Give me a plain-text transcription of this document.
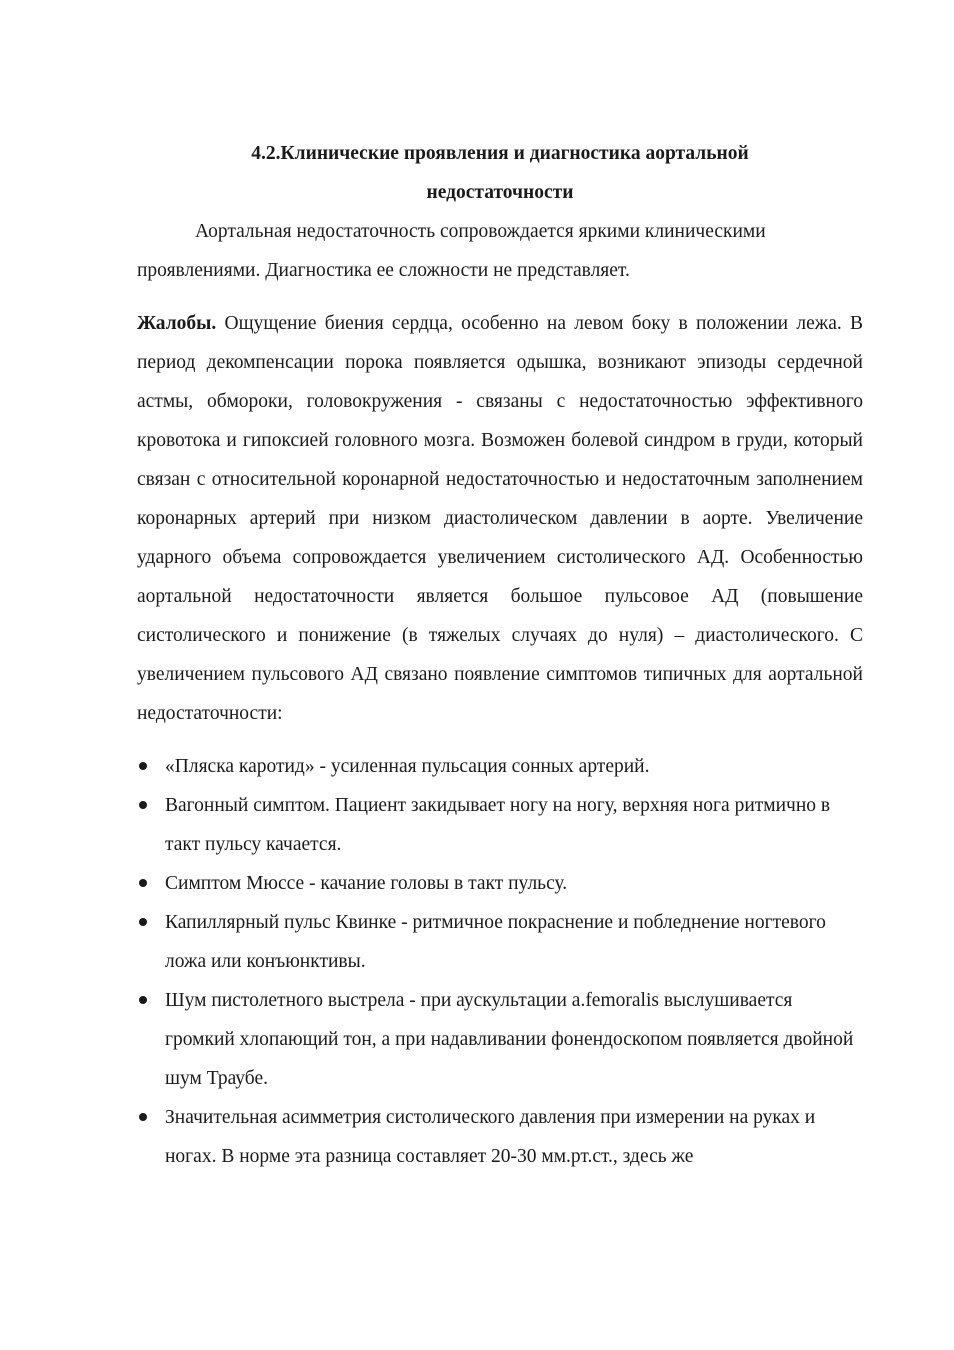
4.2.Клинические проявления и диагностика аортальной
недостаточности

Аортальная недостаточность сопровождается яркими клиническими проявлениями. Диагностика ее сложности не представляет.

Жалобы. Ощущение биения сердца, особенно на левом боку в положении лежа. В период декомпенсации порока появляется одышка, возникают эпизоды сердечной астмы, обмороки, головокружения - связаны с недостаточностью эффективного кровотока и гипоксией головного мозга. Возможен болевой синдром в груди, который связан с относительной коронарной недостаточностью и недостаточным заполнением коронарных артерий при низком диастолическом давлении в аорте. Увеличение ударного объема сопровождается увеличением систолического АД. Особенностью аортальной недостаточности является большое пульсовое АД (повышение систолического и понижение (в тяжелых случаях до нуля) – диастолического. С увеличением пульсового АД связано появление симптомов типичных для аортальной недостаточности:

«Пляска каротид» - усиленная пульсация сонных артерий.
Вагонный симптом. Пациент закидывает ногу на ногу, верхняя нога ритмично в такт пульсу качается.
Симптом Мюссе - качание головы в такт пульсу.
Капиллярный пульс Квинке - ритмичное покраснение и побледнение ногтевого ложа или конъюнктивы.
Шум пистолетного выстрела - при аускультации a.femoralis выслушивается громкий хлопающий тон, а при надавливании фонендоскопом появляется двойной шум Траубе.
Значительная асимметрия систолического давления при измерении на руках и ногах. В норме эта разница составляет 20-30 мм.рт.ст., здесь же
